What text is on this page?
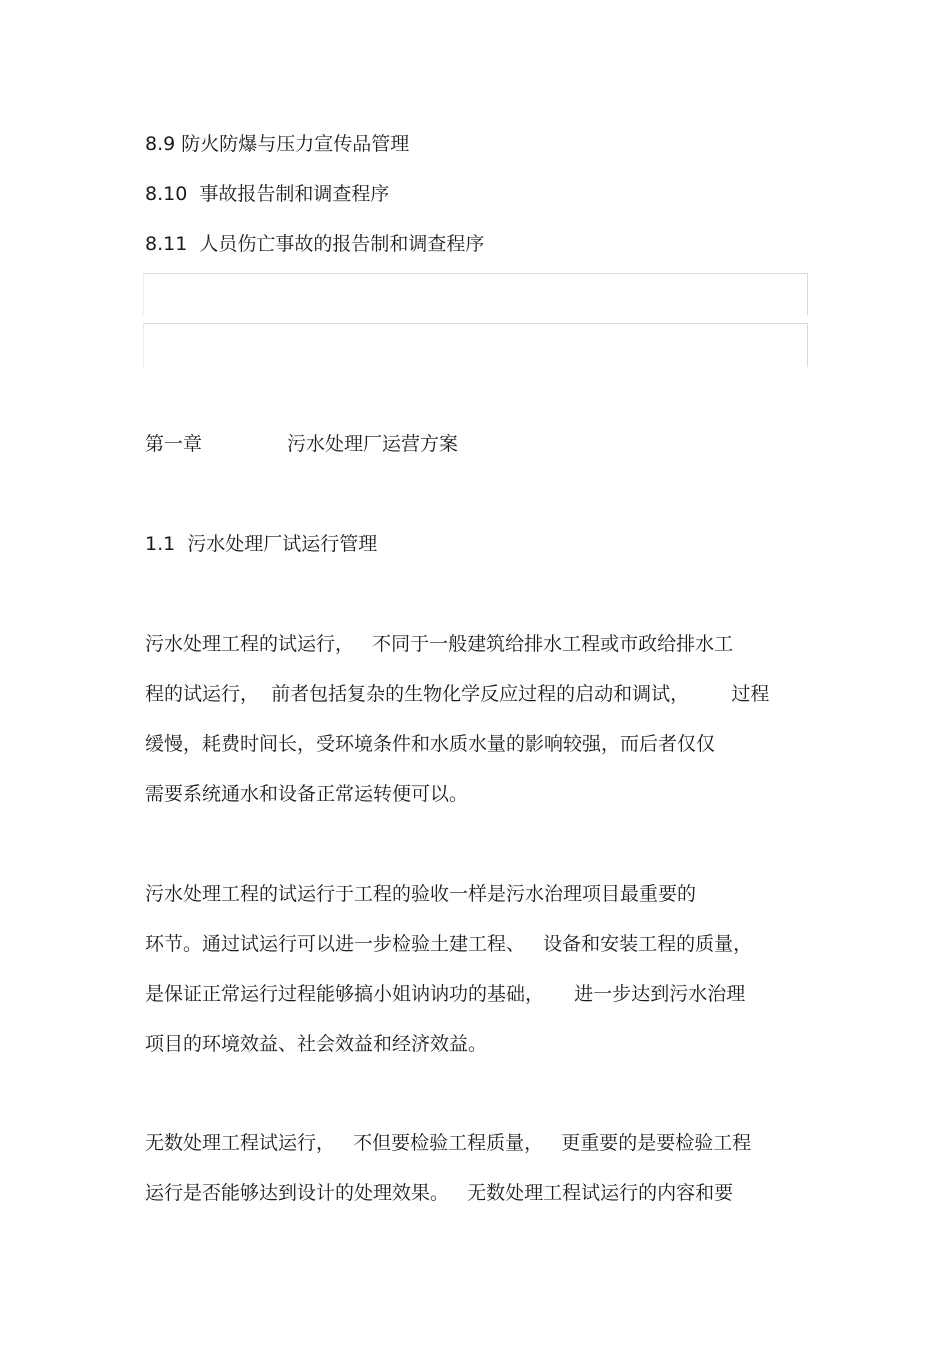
8.9 防火防爆与压力宣传品管理
8.10  事故报告制和调查程序
8.11  人员伤亡事故的报告制和调查程序
第一章	污水处理厂运营方案
1.1  污水处理厂试运行管理
污水处理工程的试运行，   不同于一般建筑给排水工程或市政给排水工
程的试运行，  前者包括复杂的生物化学反应过程的启动和调试，       过程
缓慢，耗费时间长，受环境条件和水质水量的影响较强，而后者仅仅
需要系统通水和设备正常运转便可以。
污水处理工程的试运行于工程的验收一样是污水治理项目最重要的
环节。通过试运行可以进一步检验土建工程、   设备和安装工程的质量，
是保证正常运行过程能够搞小姐讷讷功的基础，     进一步达到污水治理
项目的环境效益、社会效益和经济效益。
无数处理工程试运行，   不但要检验工程质量，   更重要的是要检验工程
运行是否能够达到设计的处理效果。   无数处理工程试运行的内容和要
